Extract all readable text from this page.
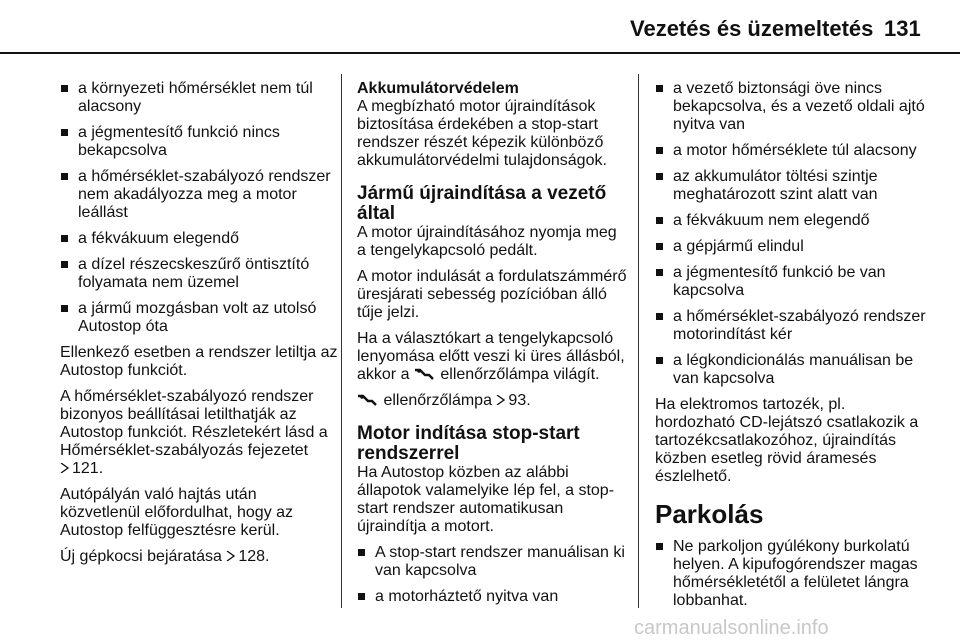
Vezetés és üzemeltetés 131
a környezeti hőmérséklet nem túl alacsony
a jégmentesítő funkció nincs bekapcsolva
a hőmérséklet-szabályozó rendszer nem akadályozza meg a motor leállást
a fékvákuum elegendő
a dízel részecskeszűrő öntisztító folyamata nem üzemel
a jármű mozgásban volt az utolsó Autostop óta

Ellenkező esetben a rendszer letiltja az Autostop funkciót.

A hőmérséklet-szabályozó rendszer bizonyos beállításai letilthatják az Autostop funkciót. Részletekért lásd a Hőmérséklet-szabályozás fejezetet
121.

Autópályán való hajtás után közvetlenül előfordulhat, hogy az Autostop felfüggesztésre kerül.

Új gépkocsi bejáratása 128.

Akkumulátorvédelem

A megbízható motor újraindítások biztosítása érdekében a stop-start rendszer részét képezik különböző akkumulátorvédelmi tulajdonságok.

Jármű újraindítása a vezető által

A motor újraindításához nyomja meg a tengelykapcsoló pedált.

A motor indulását a fordulatszámmérő üresjárati sebesség pozícióban álló tűje jelzi.

Ha a választókart a tengelykapcsoló lenyomása előtt veszi ki üres állásból, akkor a ellenőrzőlámpa világít.

ellenőrzőlámpa 93.

Motor indítása stop-start rendszerrel

Ha Autostop közben az alábbi állapotok valamelyike lép fel, a stop-start rendszer automatikusan újraindítja a motort.

A stop-start rendszer manuálisan ki van kapcsolva
a motorháztető nyitva van
a vezető biztonsági öve nincs bekapcsolva, és a vezető oldali ajtó nyitva van
a motor hőmérséklete túl alacsony
az akkumulátor töltési szintje meghatározott szint alatt van
a fékvákuum nem elegendő
a gépjármű elindul
a jégmentesítő funkció be van kapcsolva
a hőmérséklet-szabályozó rendszer motorindítást kér
a légkondicionálás manuálisan be van kapcsolva

Ha elektromos tartozék, pl. hordozható CD-lejátszó csatlakozik a tartozékcsatlakozóhoz, újraindítás közben esetleg rövid áramesés észlelhető.

Parkolás
Ne parkoljon gyúlékony burkolatú helyen. A kipufogórendszer magas hőmérsékletétől a felületet lángra lobbanhat.
carmanualsonline.info
